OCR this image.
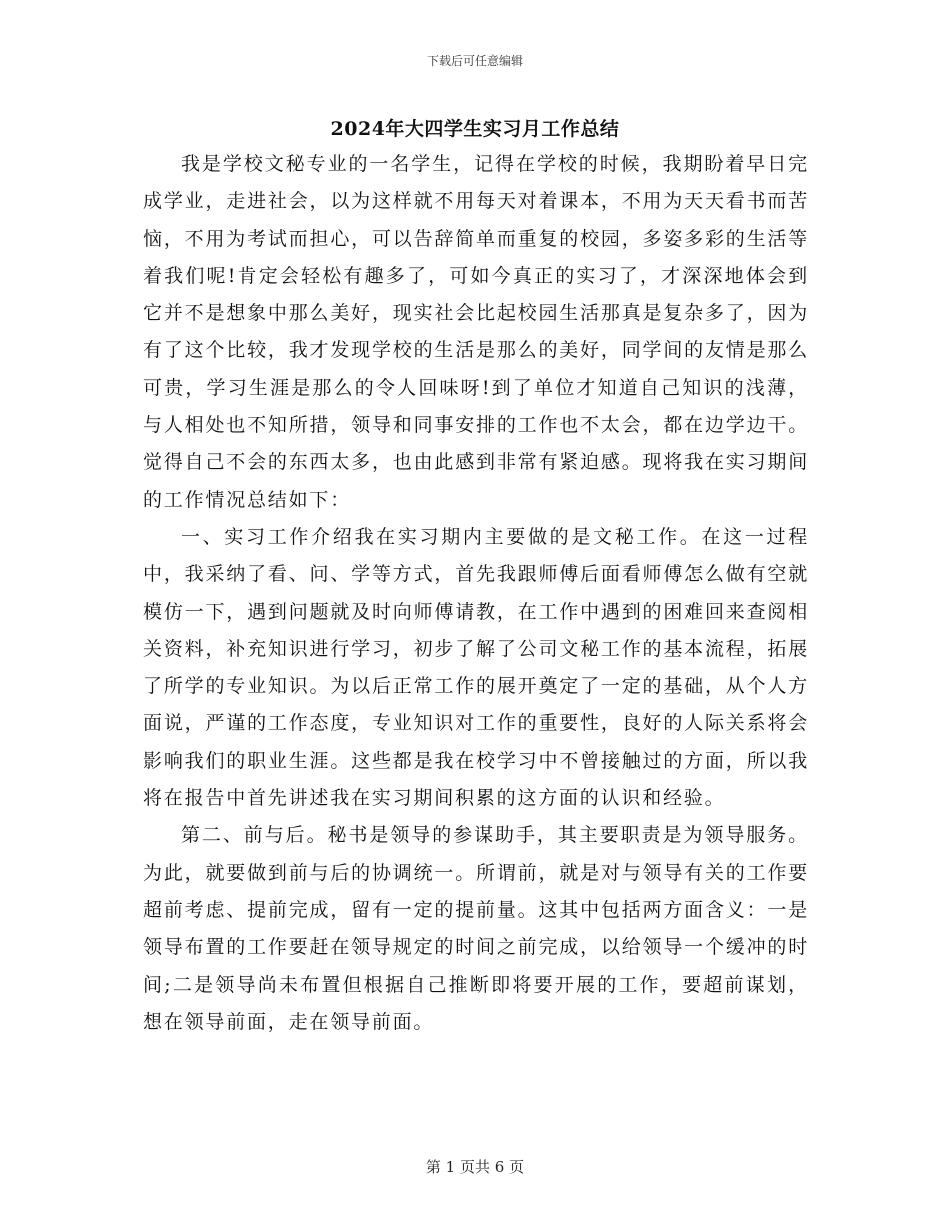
下载后可任意编辑
2024年大四学生实习月工作总结

我是学校文秘专业的一名学生，记得在学校的时候，我期盼着早日完成学业，走进社会，以为这样就不用每天对着课本，不用为天天看书而苦恼，不用为考试而担心，可以告辞简单而重复的校园，多姿多彩的生活等着我们呢!肯定会轻松有趣多了，可如今真正的实习了，才深深地体会到它并不是想象中那么美好，现实社会比起校园生活那真是复杂多了，因为有了这个比较，我才发现学校的生活是那么的美好，同学间的友情是那么可贵，学习生涯是那么的令人回味呀!到了单位才知道自己知识的浅薄，与人相处也不知所措，领导和同事安排的工作也不太会，都在边学边干。觉得自己不会的东西太多，也由此感到非常有紧迫感。现将我在实习期间的工作情况总结如下：

一、实习工作介绍我在实习期内主要做的是文秘工作。在这一过程中，我采纳了看、问、学等方式，首先我跟师傅后面看师傅怎么做有空就模仿一下，遇到问题就及时向师傅请教，在工作中遇到的困难回来查阅相关资料，补充知识进行学习，初步了解了公司文秘工作的基本流程，拓展了所学的专业知识。为以后正常工作的展开奠定了一定的基础，从个人方面说，严谨的工作态度，专业知识对工作的重要性，良好的人际关系将会影响我们的职业生涯。这些都是我在校学习中不曾接触过的方面，所以我将在报告中首先讲述我在实习期间积累的这方面的认识和经验。

第二、前与后。秘书是领导的参谋助手，其主要职责是为领导服务。为此，就要做到前与后的协调统一。所谓前，就是对与领导有关的工作要超前考虑、提前完成，留有一定的提前量。这其中包括两方面含义：一是领导布置的工作要赶在领导规定的时间之前完成，以给领导一个缓冲的时间;二是领导尚未布置但根据自己推断即将要开展的工作，要超前谋划，想在领导前面，走在领导前面。

第 1 页共 6 页
